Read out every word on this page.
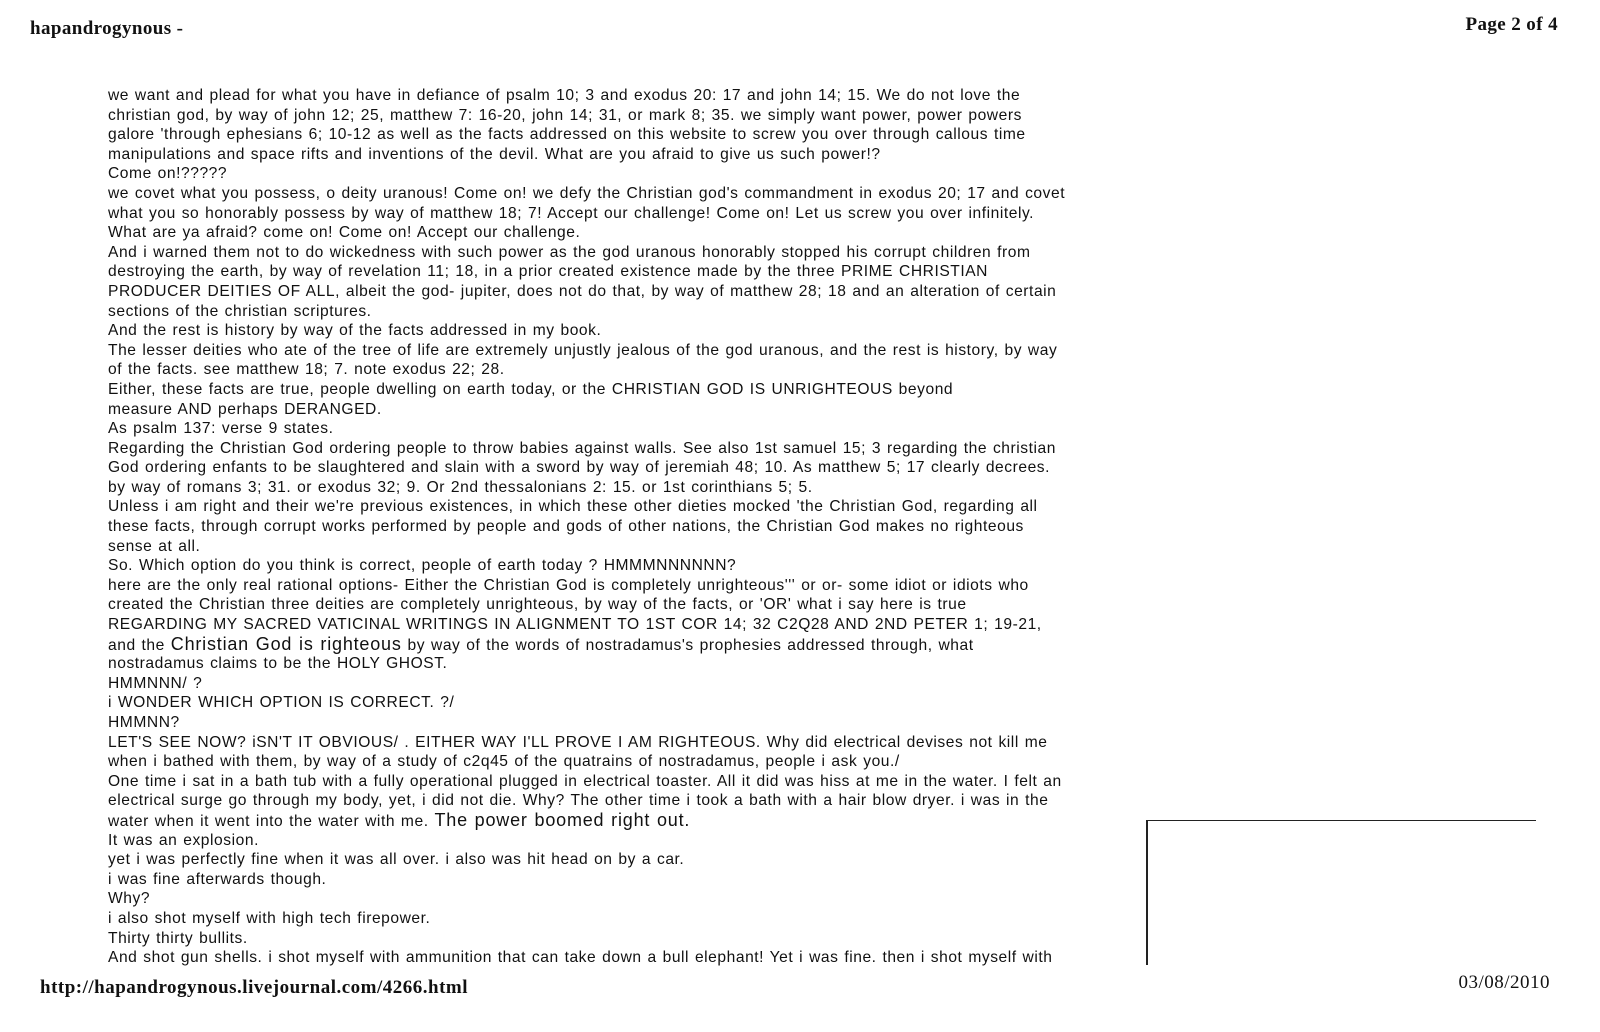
hapandrogynous -	Page 2 of 4
we want and plead for what you have in defiance of psalm 10; 3 and exodus 20: 17 and john 14; 15. We do not love the
christian god, by way of john 12; 25, matthew 7: 16-20, john 14; 31, or mark 8; 35. we simply want power, power powers
galore 'through ephesians 6; 10-12 as well as the facts addressed on this website to screw you over through callous time
manipulations and space rifts and inventions of the devil. What are you afraid to give us such power!?
Come on!?????
we covet what you possess, o deity uranous! Come on! we defy the Christian god's commandment in exodus 20; 17 and covet
what you so honorably possess by way of matthew 18; 7! Accept our challenge! Come on! Let us screw you over infinitely.
What are ya afraid? come on! Come on! Accept our challenge.
And i warned them not to do wickedness with such power as the god uranous honorably stopped his corrupt children from
destroying the earth, by way of revelation 11; 18, in a prior created existence made by the three PRIME CHRISTIAN
PRODUCER DEITIES OF ALL, albeit the god- jupiter, does not do that, by way of matthew 28; 18 and an alteration of certain
sections of the christian scriptures.
And the rest is history by way of the facts addressed in my book.
The lesser deities who ate of the tree of life are extremely unjustly jealous of the god uranous, and the rest is history, by way
of the facts. see matthew 18; 7. note exodus 22; 28.
Either, these facts are true, people dwelling on earth today, or the CHRISTIAN GOD IS UNRIGHTEOUS beyond
measure AND perhaps DERANGED.
As psalm 137: verse 9 states.
Regarding the Christian God ordering people to throw babies against walls. See also 1st samuel 15; 3 regarding the christian
God ordering enfants to be slaughtered and slain with a sword by way of jeremiah 48; 10. As matthew 5; 17 clearly decrees.
by way of romans 3; 31. or exodus 32; 9. Or 2nd thessalonians 2: 15. or 1st corinthians 5; 5.
Unless i am right and their we're previous existences, in which these other dieties mocked 'the Christian God, regarding all
these facts, through corrupt works performed by people and gods of other nations, the Christian God makes no righteous
sense at all.
So. Which option do you think is correct, people of earth today ? HMMMNNNNNN?
here are the only real rational options- Either the Christian God is completely unrighteous''' or or- some idiot or idiots who
created the Christian three deities are completely unrighteous, by way of the facts, or 'OR' what i say here is true
REGARDING MY SACRED VATICINAL WRITINGS IN ALIGNMENT TO 1ST COR 14; 32 C2Q28 AND 2ND PETER 1; 19-21,
and the Christian God is righteous by way of the words of nostradamus's prophesies addressed through, what
nostradamus claims to be the HOLY GHOST.
HMMNNN/ ?
i WONDER WHICH OPTION IS CORRECT. ?/
HMMNN?
LET'S SEE NOW? iSN'T IT OBVIOUS/ . EITHER WAY I'LL PROVE I AM RIGHTEOUS. Why did electrical devises not kill me
when i bathed with them, by way of a study of c2q45 of the quatrains of nostradamus, people i ask you./
One time i sat in a bath tub with a fully operational plugged in electrical toaster. All it did was hiss at me in the water. I felt an
electrical surge go through my body, yet, i did not die. Why? The other time i took a bath with a hair blow dryer. i was in the
water when it went into the water with me. The power boomed right out.
It was an explosion.
yet i was perfectly fine when it was all over. i also was hit head on by a car.
i was fine afterwards though.
Why?
i also shot myself with high tech firepower.
Thirty thirty bullits.
And shot gun shells. i shot myself with ammunition that can take down a bull elephant! Yet i was fine. then i shot myself with
http://hapandrogynous.livejournal.com/4266.html	03/08/2010
